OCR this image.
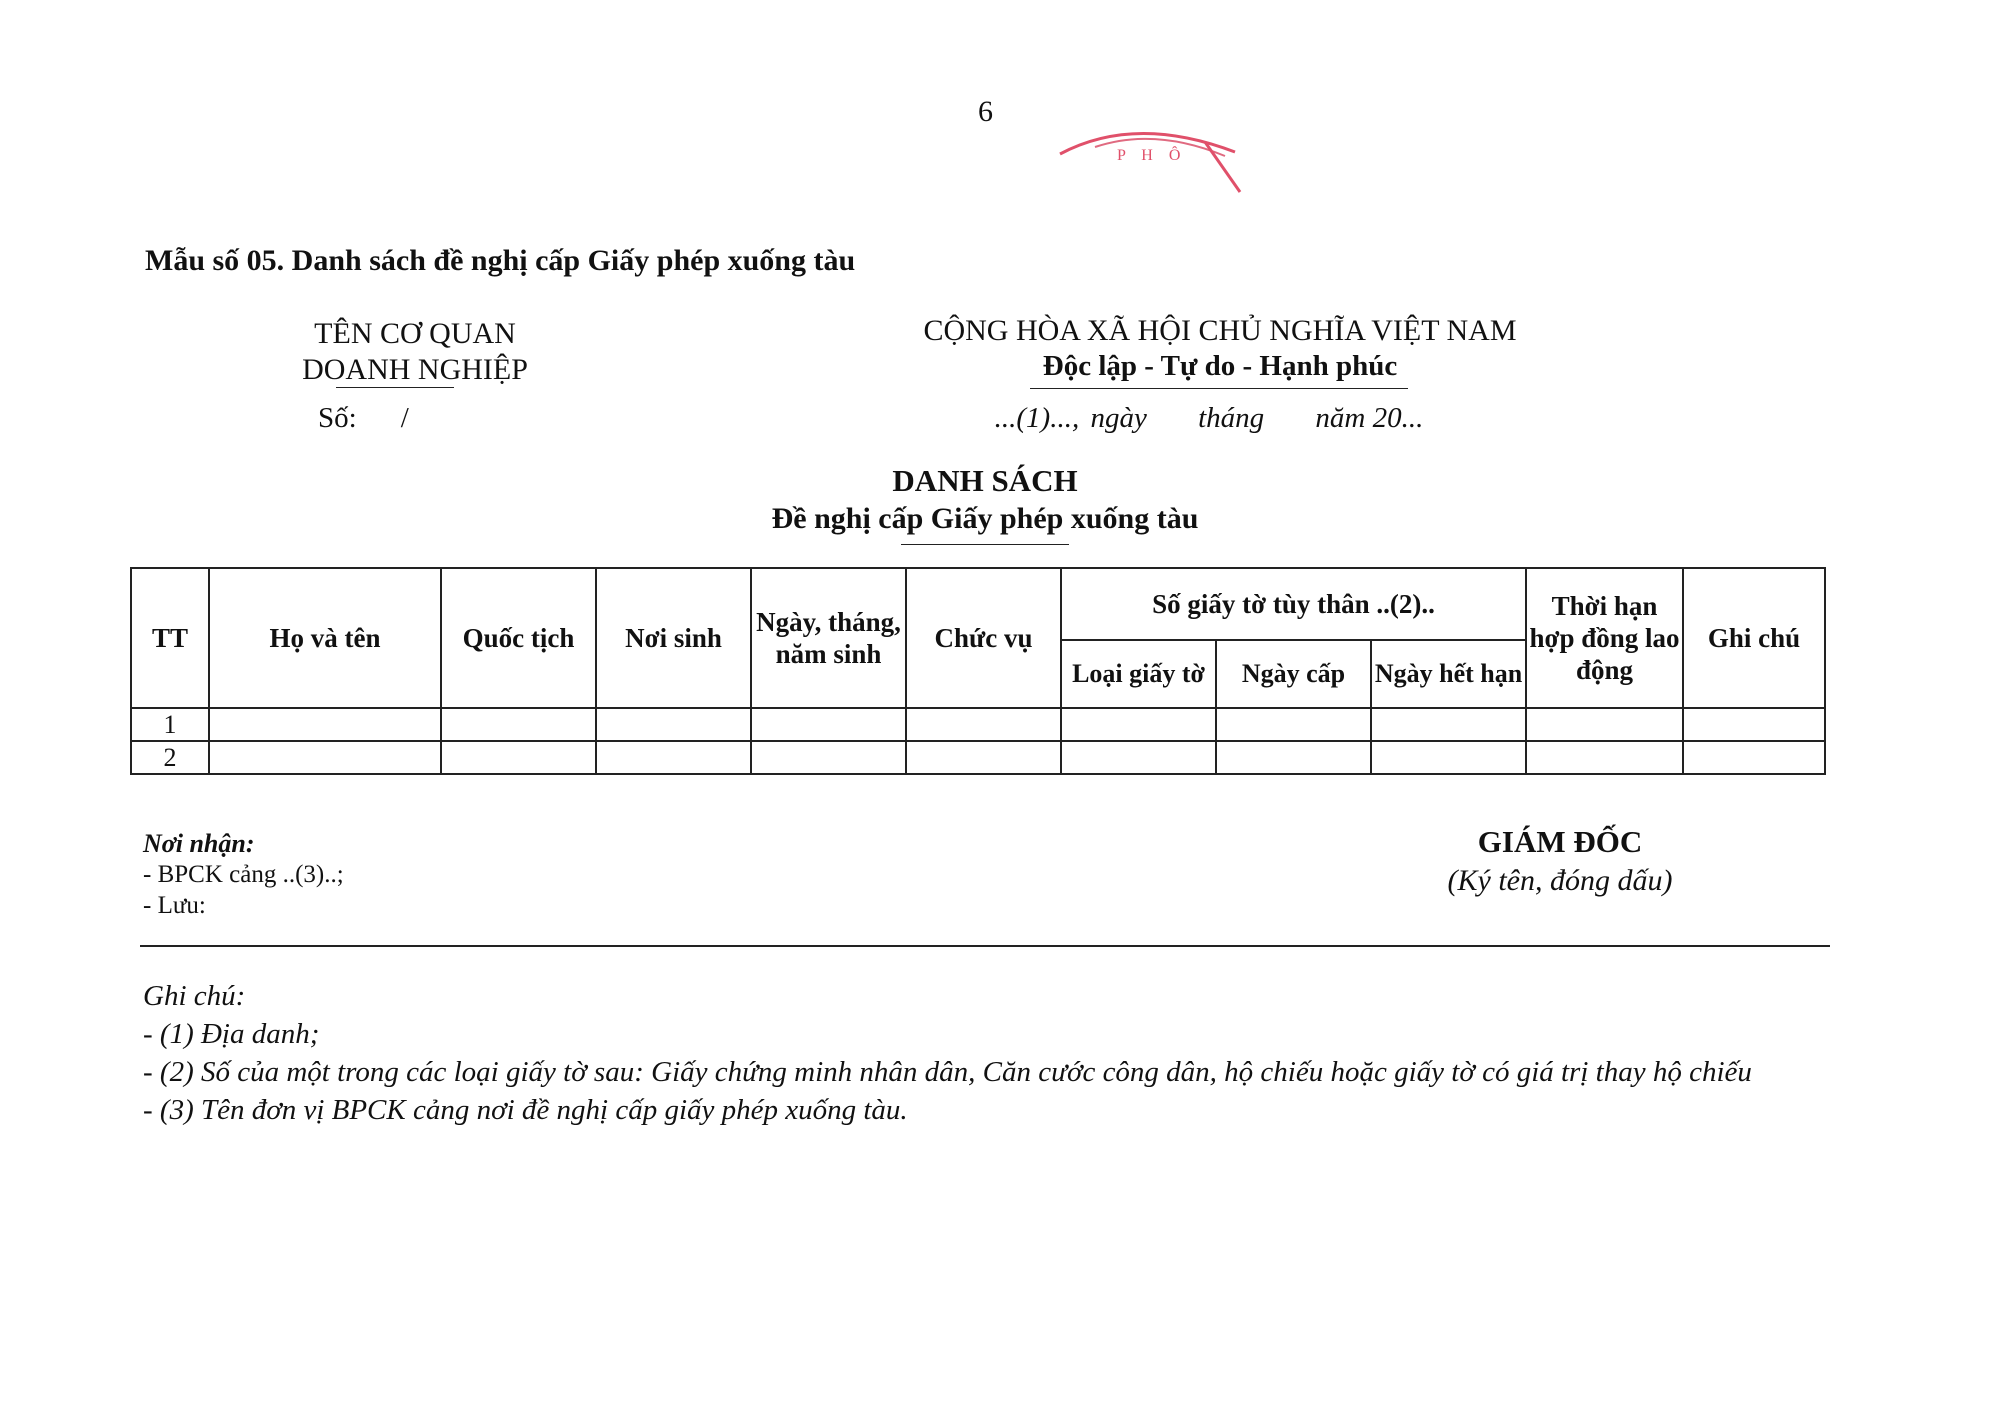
6
P H Ô
Mẫu số 05. Danh sách đề nghị cấp Giấy phép xuống tàu
TÊN CƠ QUAN
DOANH NGHIỆP
Số: /
CỘNG HÒA XÃ HỘI CHỦ NGHĨA VIỆT NAM
Độc lập - Tự do - Hạnh phúc
...(1)..., ngày tháng năm 20...
DANH SÁCH
Đề nghị cấp Giấy phép xuống tàu
TT	Họ và tên	Quốc tịch	Nơi sinh	Ngày, tháng, năm sinh	Chức vụ	Số giấy tờ tùy thân ..(2)..			Thời hạn hợp đồng lao động	Ghi chú
						Loại giấy tờ	Ngày cấp	Ngày hết hạn		
1										
2										
Nơi nhận:
- BPCK cảng ..(3)..;
- Lưu:
GIÁM ĐỐC
(Ký tên, đóng dấu)
Ghi chú:
- (1) Địa danh;
- (2) Số của một trong các loại giấy tờ sau: Giấy chứng minh nhân dân, Căn cước công dân, hộ chiếu hoặc giấy tờ có giá trị thay hộ chiếu
- (3) Tên đơn vị BPCK cảng nơi đề nghị cấp giấy phép xuống tàu.
